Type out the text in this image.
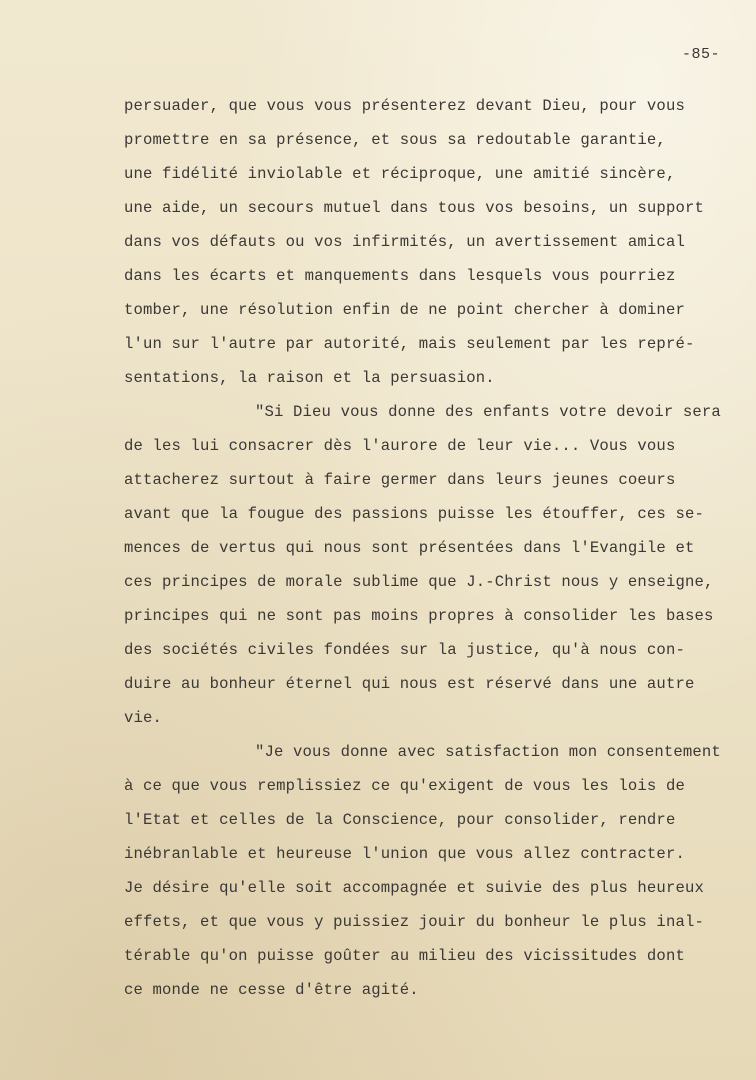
-85-
persuader, que vous vous présenterez devant Dieu, pour vous
promettre en sa présence, et sous sa redoutable garantie,
une fidélité inviolable et réciproque, une amitié sincère,
une aide, un secours mutuel dans tous vos besoins, un support
dans vos défauts ou vos infirmités, un avertissement amical
dans les écarts et manquements dans lesquels vous pourriez
tomber, une résolution enfin de ne point chercher à dominer
l'un sur l'autre par autorité, mais seulement par les repré-
sentations, la raison et la persuasion.
"Si Dieu vous donne des enfants votre devoir sera
de les lui consacrer dès l'aurore de leur vie... Vous vous
attacherez surtout à faire germer dans leurs jeunes coeurs
avant que la fougue des passions puisse les étouffer, ces se-
mences de vertus qui nous sont présentées dans l'Evangile et
ces principes de morale sublime que J.-Christ nous y enseigne,
principes qui ne sont pas moins propres à consolider les bases
des sociétés civiles fondées sur la justice, qu'à nous con-
duire au bonheur éternel qui nous est réservé dans une autre
vie.
"Je vous donne avec satisfaction mon consentement
à ce que vous remplissiez ce qu'exigent de vous les lois de
l'Etat et celles de la Conscience, pour consolider, rendre
inébranlable et heureuse l'union que vous allez contracter.
Je désire qu'elle soit accompagnée et suivie des plus heureux
effets, et que vous y puissiez jouir du bonheur le plus inal-
térable qu'on puisse goûter au milieu des vicissitudes dont
ce monde ne cesse d'être agité.
